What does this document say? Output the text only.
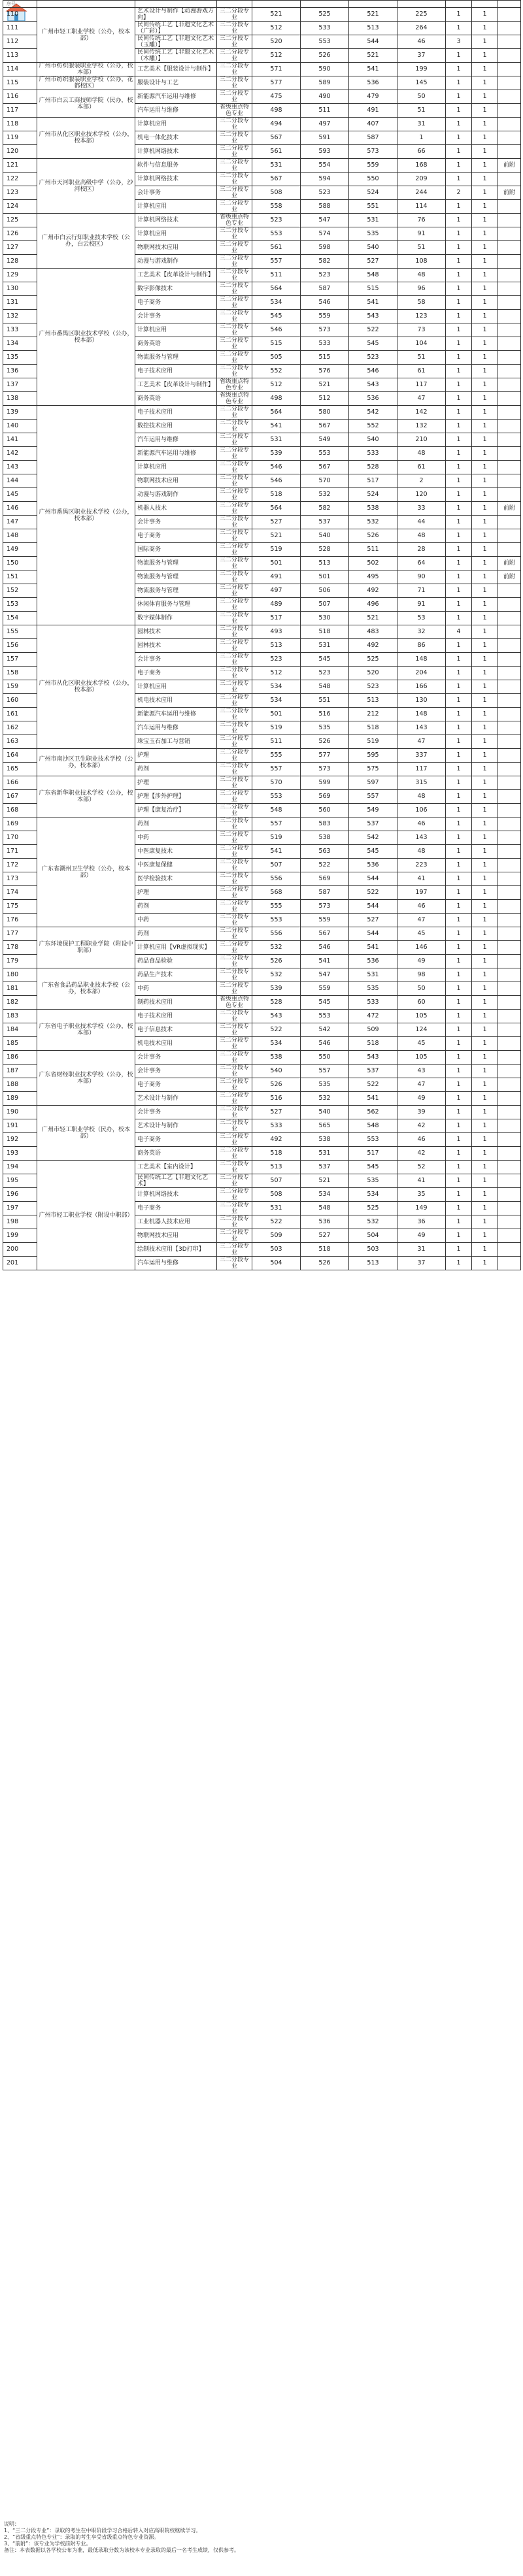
序号										
110	广州市轻工职业学校（公办，校本部）	艺术设计与制作【动漫游戏方向】	三二分段专业	521	525	521	225	1	1	
111		民间传统工艺【非遗文化艺术（广彩）】	三二分段专业	512	533	513	264	1	1	
112		民间传统工艺【非遗文化艺术（玉雕）】	三二分段专业	520	553	544	46	3	1	
113		民间传统工艺【非遗文化艺术（木雕）】	三二分段专业	512	526	521	37	1	1	
114	广州市纺织服装职业学校（公办，校本部）	工艺美术【服装设计与制作】	三二分段专业	571	590	541	199	1	1	
115	广州市纺织服装职业学校（公办，花都校区）	服装设计与工艺	三二分段专业	577	589	536	145	1	1	
116	广州市白云工商技师学院（民办，校本部）	新能源汽车运用与维修	三二分段专业	475	490	479	50	1	1	
117		汽车运用与维修	省级重点特色专业	498	511	491	51	1	1	
118	广州市从化区职业技术学校（公办，校本部）	计算机应用	三二分段专业	494	497	407	31	1	1	
119		机电一体化技术	三二分段专业	567	591	587	1	1	1	
120		计算机网络技术	三二分段专业	561	593	573	66	1	1	
121	广州市天河职业高级中学（公办，沙河校区）	软件与信息服务	三二分段专业	531	554	559	168	1	1	前附
122		计算机网络技术	三二分段专业	567	594	550	209	1	1	
123		会计事务	三二分段专业	508	523	524	244	2	1	前附
124		计算机应用	三二分段专业	558	588	551	114	1	1	
125	广州市白云行知职业技术学校（公办，白云校区）	计算机网络技术	省级重点特色专业	523	547	531	76	1	1	
126		计算机应用	三二分段专业	553	574	535	91	1	1	
127		物联网技术应用	三二分段专业	561	598	540	51	1	1	
128		动漫与游戏制作	三二分段专业	557	582	527	108	1	1	
129	广州市番禺区职业技术学校（公办，校本部）	工艺美术【皮革设计与制作】	三二分段专业	511	523	548	48	1	1	
130		数字影像技术	三二分段专业	564	587	515	96	1	1	
131		电子商务	三二分段专业	534	546	541	58	1	1	
132		会计事务	三二分段专业	545	559	543	123	1	1	
133		计算机应用	三二分段专业	546	573	522	73	1	1	
134		商务英语	三二分段专业	515	533	545	104	1	1	
135		物流服务与管理	三二分段专业	505	515	523	51	1	1	
136		电子技术应用	三二分段专业	552	576	546	61	1	1	
137		工艺美术【皮革设计与制作】	省级重点特色专业	512	521	543	117	1	1	
138		商务英语	省级重点特色专业	498	512	536	47	1	1	
139	广州市番禺区职业技术学校（公办，校本部）	电子技术应用	三二分段专业	564	580	542	142	1	1	
140		数控技术应用	三二分段专业	541	567	552	132	1	1	
141		汽车运用与维修	三二分段专业	531	549	540	210	1	1	
142		新能源汽车运用与维修	三二分段专业	539	553	533	48	1	1	
143		计算机应用	三二分段专业	546	567	528	61	1	1	
144		物联网技术应用	三二分段专业	546	570	517	2	1	1	
145		动漫与游戏制作	三二分段专业	518	532	524	120	1	1	
146		机器人技术	三二分段专业	564	582	538	33	1	1	前附
147		会计事务	三二分段专业	527	537	532	44	1	1	
148		电子商务	三二分段专业	521	540	526	48	1	1	
149		国际商务	三二分段专业	519	528	511	28	1	1	
150		物流服务与管理	三二分段专业	501	513	502	64	1	1	前附
151		物流服务与管理	三二分段专业	491	501	495	90	1	1	前附
152		物流服务与管理	三二分段专业	497	506	492	71	1	1	
153		休闲体育服务与管理	三二分段专业	489	507	496	91	1	1	
154		数字媒体制作	三二分段专业	517	530	521	53	1	1	
155	广州市从化区职业技术学校（公办，校本部）	园林技术	三二分段专业	493	518	483	32	4	1	
156		园林技术	三二分段专业	513	531	492	86	1	1	
157		会计事务	三二分段专业	523	545	525	148	1	1	
158		电子商务	三二分段专业	512	523	520	204	1	1	
159		计算机应用	三二分段专业	534	548	523	166	1	1	
160		机电技术应用	三二分段专业	534	551	513	130	1	1	
161		新能源汽车运用与维修	三二分段专业	501	516	212	148	1	1	
162		汽车运用与维修	三二分段专业	519	535	518	143	1	1	
163		珠宝玉石加工与营销	三二分段专业	511	526	519	47	1	1	
164	广州市南沙区卫生职业技术学校（公办，校本部）	护理	三二分段专业	555	577	595	337	1	1	
165		药剂	三二分段专业	557	573	575	117	1	1	
166	广东省新华职业技术学校（公办，校本部）	护理	三二分段专业	570	599	597	315	1	1	
167		护理【涉外护理】	三二分段专业	553	569	557	48	1	1	
168		护理【康复治疗】	三二分段专业	548	560	549	106	1	1	
169	广东省潮州卫生学校（公办，校本部）	药剂	三二分段专业	557	583	537	46	1	1	
170		中药	三二分段专业	519	538	542	143	1	1	
171		中医康复技术	三二分段专业	541	563	545	48	1	1	
172		中医康复保健	三二分段专业	507	522	536	223	1	1	
173		医学检验技术	三二分段专业	556	569	544	41	1	1	
174		护理	三二分段专业	568	587	522	197	1	1	
175		药剂	三二分段专业	555	573	544	46	1	1	
176		中药	三二分段专业	553	559	527	47	1	1	
177	广东环境保护工程职业学院（附设中职部）	药剂	三二分段专业	556	567	544	45	1	1	
178		计算机应用【VR虚拟现实】	三二分段专业	532	546	541	146	1	1	
179		药品食品检验	三二分段专业	526	541	536	49	1	1	
180	广东省食品药品职业技术学校（公办，校本部）	药品生产技术	三二分段专业	532	547	531	98	1	1	
181		中药	三二分段专业	539	559	535	50	1	1	
182		制药技术应用	省级重点特色专业	528	545	533	60	1	1	
183	广东省电子职业技术学校（公办，校本部）	电子技术应用	三二分段专业	543	553	472	105	1	1	
184		电子信息技术	三二分段专业	522	542	509	124	1	1	
185		机电技术应用	三二分段专业	534	546	518	45	1	1	
186	广东省财经职业技术学校（公办，校本部）	会计事务	三二分段专业	538	550	543	105	1	1	
187		会计事务	三二分段专业	540	557	537	43	1	1	
188		电子商务	三二分段专业	526	535	522	47	1	1	
189		艺术设计与制作	三二分段专业	516	532	541	49	1	1	
190	广州市轻工职业学校（民办，校本部）	会计事务	三二分段专业	527	540	562	39	1	1	
191		艺术设计与制作	三二分段专业	533	565	548	42	1	1	
192		电子商务	三二分段专业	492	538	553	46	1	1	
193		商务英语	三二分段专业	518	531	517	42	1	1	
194	广州市轻工职业学校（附设中职部）	工艺美术【室内设计】	三二分段专业	513	537	545	52	1	1	
195		民间传统工艺【非遗文化艺术】	三二分段专业	507	521	535	41	1	1	
196		计算机网络技术	三二分段专业	508	534	534	35	1	1	
197		电子商务	三二分段专业	531	548	525	149	1	1	
198		工业机器人技术应用	三二分段专业	522	536	532	36	1	1	
199		物联网技术应用	三二分段专业	509	527	504	49	1	1	
200		绘制技术应用【3D打印】	三二分段专业	503	518	503	31	1	1	
201		汽车运用与维修	三二分段专业	504	526	513	37	1	1	
说明：
1、“三二分段专业”：录取的考生在中职阶段学习合格后转入对应高职院校继续学习。
2、“省级重点特色专业”：录取的考生享受省级重点特色专业资源。
3、“前附”：该专业为学校前附专业。
备注：本表数据以各学校公布为准，最低录取分数为该校本专业录取的最后一名考生成绩，仅供参考。
